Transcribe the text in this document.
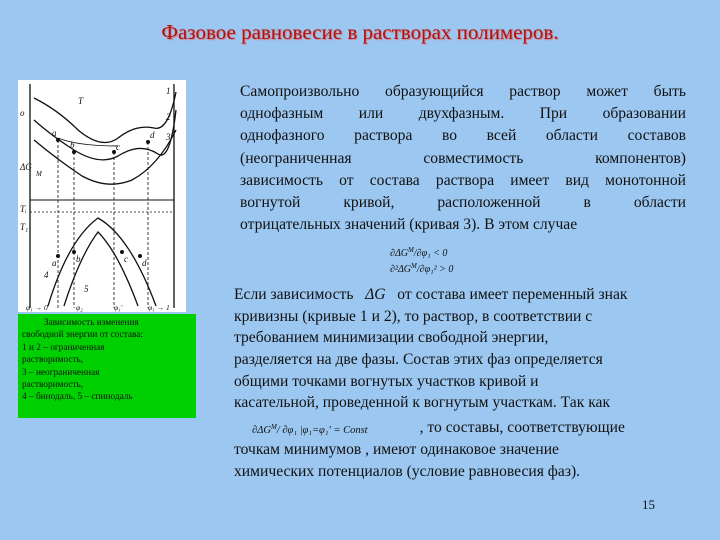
Фазовое равновесие в растворах полимеров.
ΔG
M
o
T
Tᵢ
T₁
1
2
3
a
b	c
d
a b	c d
4
5
φ₁ → 0	φ₂	φ₁'	φ₁ → 1

Зависимость изменения

свободной энергии от состава:

1 и 2 – ограниченная

растворимость,

3 – неограниченная

растворимость,

4 – бинодаль, 5 – спинодаль

Самопроизвольно образующийся раствор может быть
однофазным или двухфазным. При образовании
однофазного раствора во всей области составов
(неограниченная совместимость компонентов)
зависимость от состава раствора имеет вид монотонной
вогнутой кривой, расположенной в области
отрицательных значений (кривая 3). В этом случае
$\partial\Delta G^M/\partial\varphi_1 < 0$
$\partial^2\Delta G^M/\partial\varphi_1^2 > 0$
Если зависимость ΔG от состава имеет переменный знак
кривизны (кривые 1 и 2), то раствор, в соответствии с
требованием минимизации свободной энергии,
разделяется на две фазы. Состав этих фаз определяется
общими точками вогнутых участков кривой и
касательной, проведенной к вогнутым участкам. Так как

$\partial\Delta G^M/$ ∂φ₁ |φ₁=φ₁' = Const	, то составы, соответствующие
точкам минимумов , имеют одинаковое значение
химических потенциалов (условие равновесия фаз).
15
